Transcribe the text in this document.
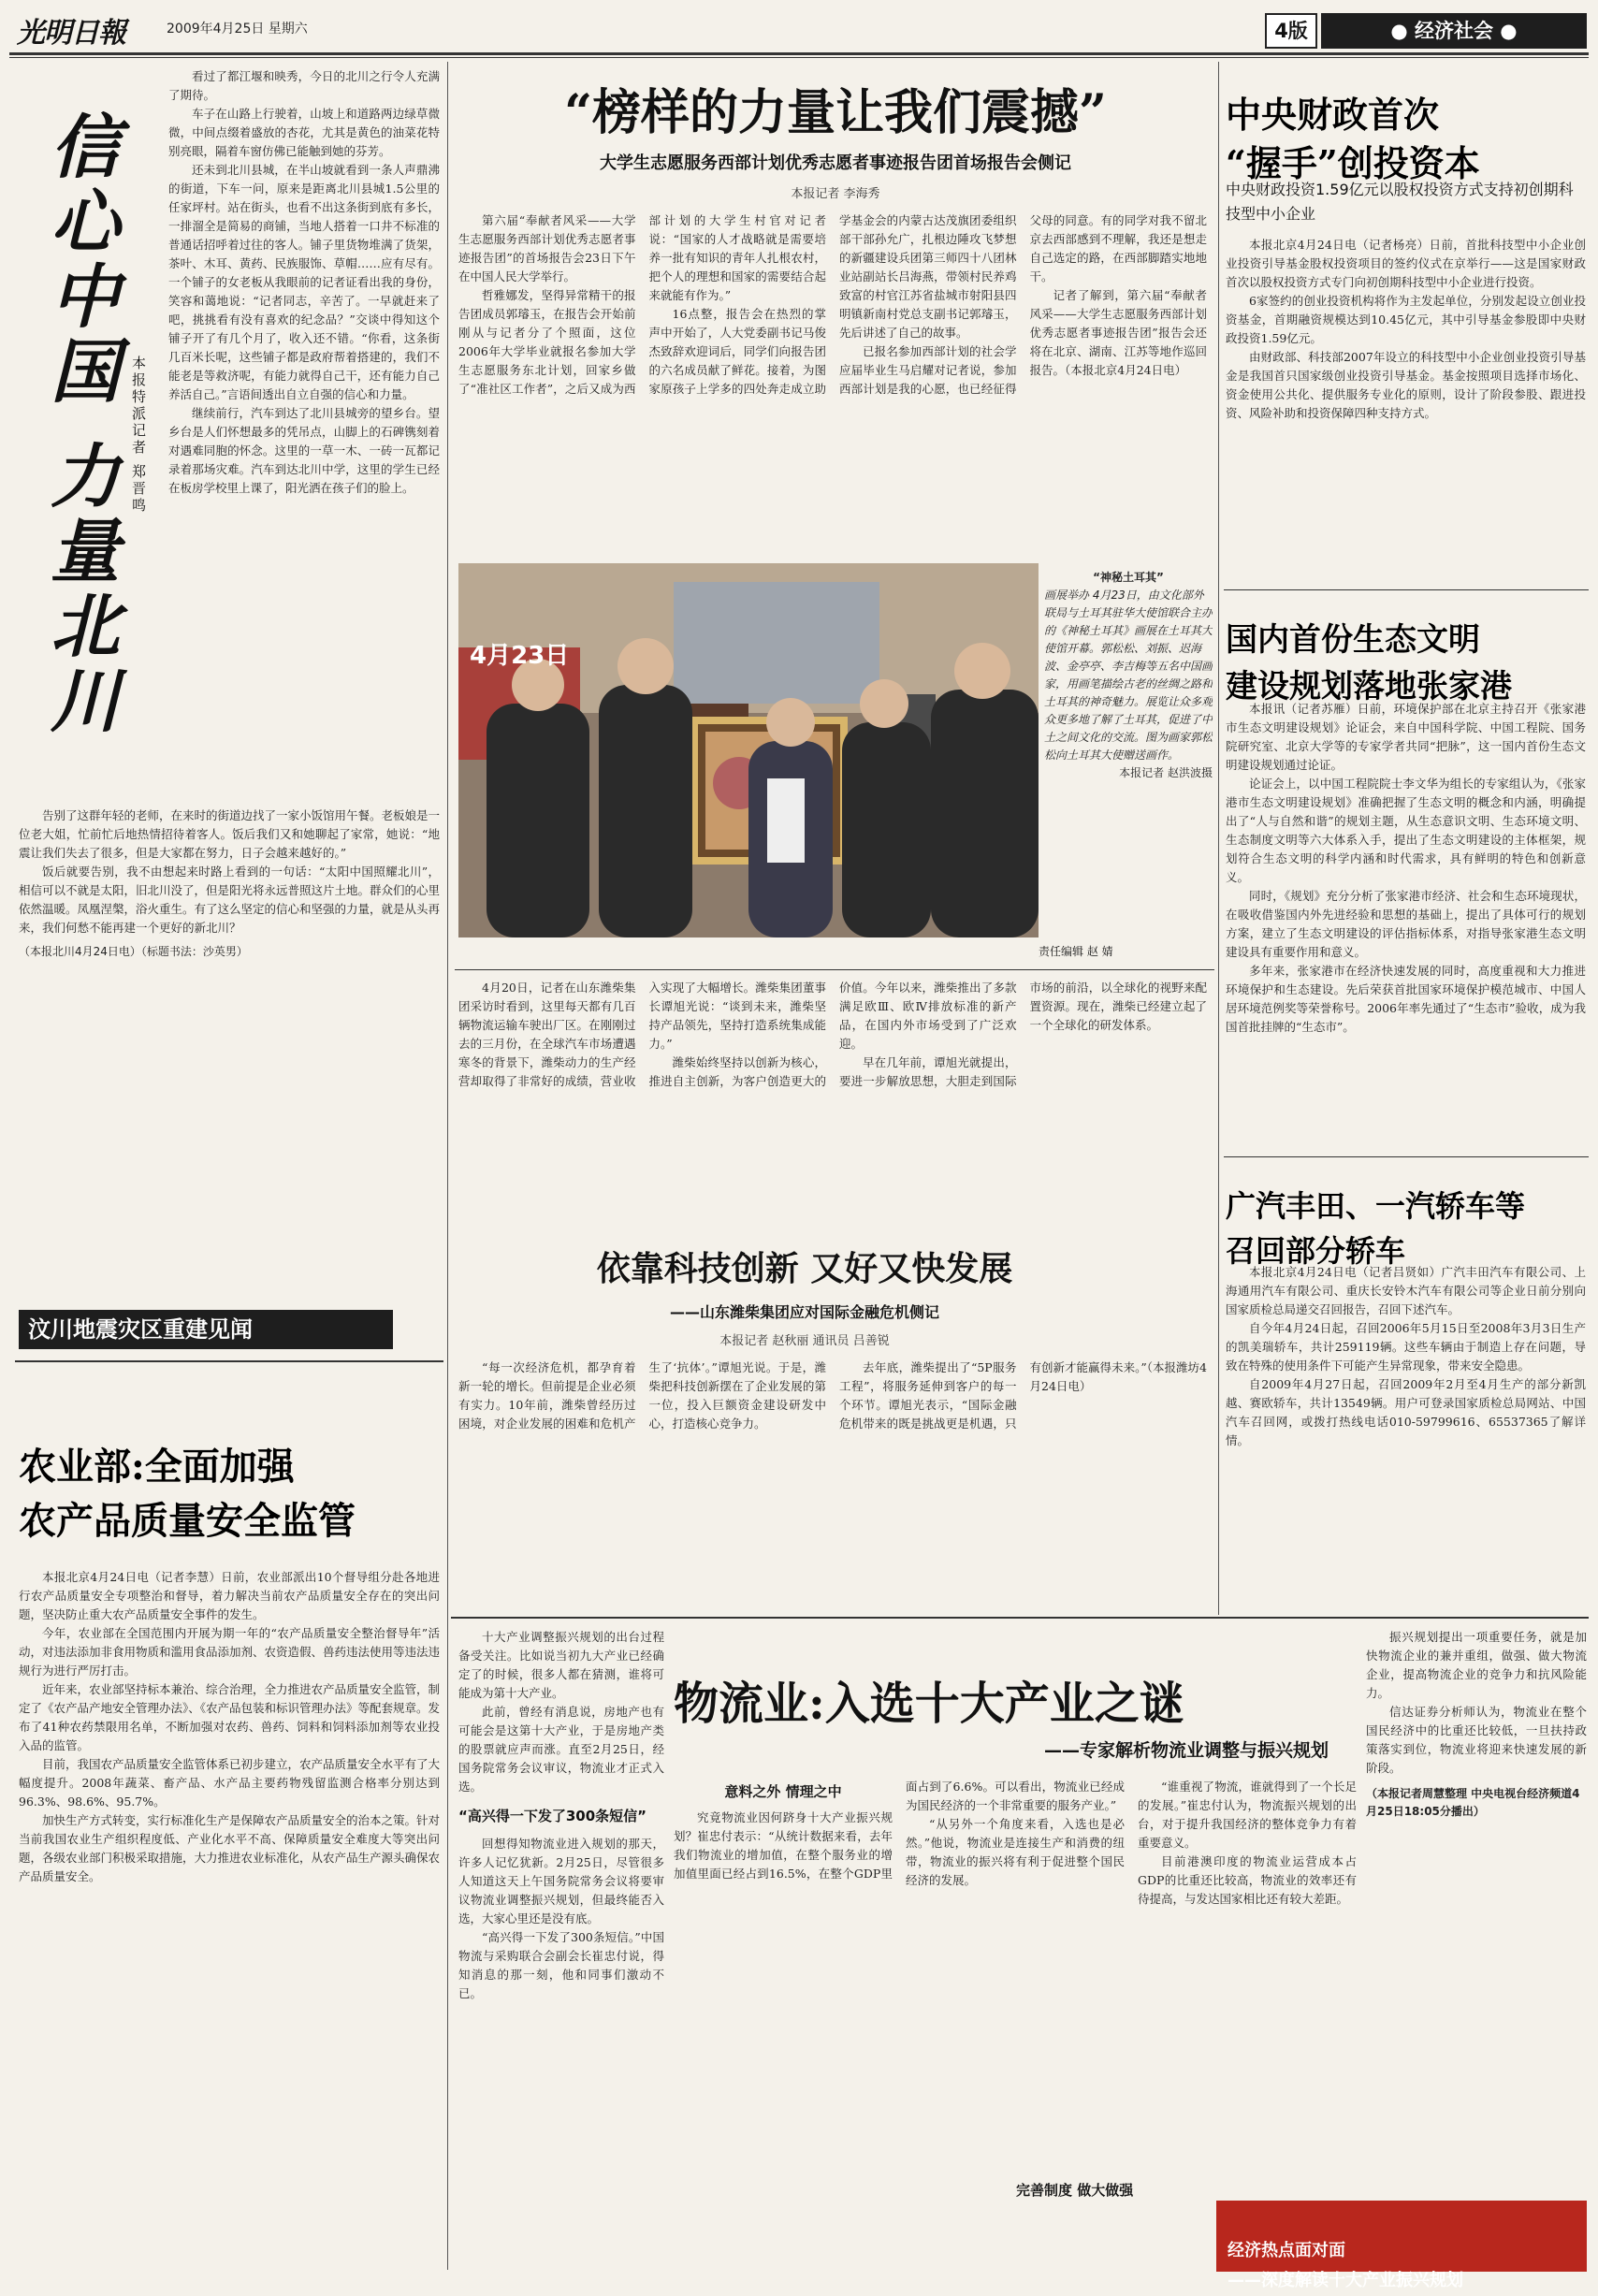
光明日報	2009年4月25日 星期六	4版	● 经济社会 ●
信心中国 力量北川 本报特派记者 郑晋鸣

看过了都江堰和映秀，今日的北川之行令人充满了期待。

车子在山路上行驶着，山坡上和道路两边绿草微微，中间点缀着盛放的杏花，尤其是黄色的油菜花特别亮眼，隔着车窗仿佛已能触到她的芬芳。

还未到北川县城，在半山坡就看到一条人声鼎沸的街道，下车一问，原来是距离北川县城1.5公里的任家坪村。站在街头，也看不出这条街到底有多长，一排溜全是简易的商铺，当地人搭着一口井不标准的普通话招呼着过往的客人。铺子里货物堆满了货架，茶叶、木耳、黄药、民族服饰、草帽……应有尽有。一个铺子的女老板从我眼前的记者证看出我的身份，笑容和蔼地说：“记者同志，辛苦了。一早就赶来了吧，挑挑看有没有喜欢的纪念品？”交谈中得知这个铺子开了有几个月了，收入还不错。“你看，这条街几百米长呢，这些铺子都是政府帮着搭建的，我们不能老是等救济呢，有能力就得自己干，还有能力自己养活自己。”言语间透出自立自强的信心和力量。

继续前行，汽车到达了北川县城旁的望乡台。望乡台是人们怀想最多的凭吊点，山脚上的石碑镌刻着对遇难同胞的怀念。这里的一草一木、一砖一瓦都记录着那场灾难。汽车到达北川中学，这里的学生已经在板房学校里上课了，阳光洒在孩子们的脸上。

告别了这群年轻的老师，在来时的街道边找了一家小饭馆用午餐。老板娘是一位老大姐，忙前忙后地热情招待着客人。饭后我们又和她聊起了家常，她说：“地震让我们失去了很多，但是大家都在努力，日子会越来越好的。”

饭后就要告别，我不由想起来时路上看到的一句话：“太阳中国照耀北川”，相信可以不就是太阳，旧北川没了，但是阳光将永远普照这片土地。群众们的心里依然温暖。凤凰涅槃，浴火重生。有了这么坚定的信心和坚强的力量，就是从头再来，我们何愁不能再建一个更好的新北川？

（本报北川4月24日电）（标题书法：沙英男）

汶川地震灾区重建见闻

农业部:全面加强
农产品质量安全监管

本报北京4月24日电（记者李慧）日前，农业部派出10个督导组分赴各地进行农产品质量安全专项整治和督导，着力解决当前农产品质量安全存在的突出问题，坚决防止重大农产品质量安全事件的发生。

今年，农业部在全国范围内开展为期一年的“农产品质量安全整治督导年”活动，对违法添加非食用物质和滥用食品添加剂、农资造假、兽药违法使用等违法违规行为进行严厉打击。

近年来，农业部坚持标本兼治、综合治理，全力推进农产品质量安全监管，制定了《农产品产地安全管理办法》、《农产品包装和标识管理办法》等配套规章。发布了41种农药禁限用名单，不断加强对农药、兽药、饲料和饲料添加剂等农业投入品的监管。

目前，我国农产品质量安全监管体系已初步建立，农产品质量安全水平有了大幅度提升。2008年蔬菜、畜产品、水产品主要药物残留监测合格率分别达到96.3%、98.6%、95.7%。

加快生产方式转变，实行标准化生产是保障农产品质量安全的治本之策。针对当前我国农业生产组织程度低、产业化水平不高、保障质量安全难度大等突出问题，各级农业部门积极采取措施，大力推进农业标准化，从农产品生产源头确保农产品质量安全。

“榜样的力量让我们震撼”
大学生志愿服务西部计划优秀志愿者事迹报告团首场报告会侧记
本报记者 李海秀

第六届“奉献者风采——大学生志愿服务西部计划优秀志愿者事迹报告团”的首场报告会23日下午在中国人民大学举行。

哲雅娜发，坚得异常精干的报告团成员郭璿玉，在报告会开始前刚从与记者分了个照面，这位2006年大学毕业就报名参加大学生志愿服务东北计划，回家乡做了“准社区工作者”，之后又成为西部计划的大学生村官对记者说：“国家的人才战略就是需要培养一批有知识的青年人扎根农村，把个人的理想和国家的需要结合起来就能有作为。”

16点整，报告会在热烈的掌声中开始了，人大党委副书记马俊杰致辞欢迎词后，同学们向报告团的六名成员献了鲜花。接着，为图家原孩子上学多的四处奔走成立助学基金会的内蒙古达茂旗团委组织部干部孙允广，扎根边陲攻飞梦想的新疆建设兵团第三师四十八团林业站副站长吕海燕，带领村民养鸡致富的村官江苏省盐城市射阳县四明镇新南村党总支副书记郭璿玉，先后讲述了自己的故事。

已报名参加西部计划的社会学应届毕业生马启耀对记者说，参加西部计划是我的心愿，也已经征得父母的同意。有的同学对我不留北京去西部感到不理解，我还是想走自己选定的路，在西部脚踏实地地干。

记者了解到，第六届“奉献者风采——大学生志愿服务西部计划优秀志愿者事迹报告团”报告会还将在北京、湖南、江苏等地作巡回报告。（本报北京4月24日电）

4月23日

“神秘土耳其”

画展举办 4月23日，由文化部外联局与土耳其驻华大使馆联合主办的《神秘土耳其》画展在土耳其大使馆开幕。郭松松、刘振、迟海波、金亭亭、李吉梅等五名中国画家，用画笔描绘古老的丝绸之路和土耳其的神奇魅力。展览让众多观众更多地了解了土耳其，促进了中土之间文化的交流。图为画家郭松松向土耳其大使赠送画作。

本报记者 赵洪波摄

责任编辑 赵 婧

4月20日，记者在山东潍柴集团采访时看到，这里每天都有几百辆物流运输车驶出厂区。在刚刚过去的三月份，在全球汽车市场遭遇寒冬的背景下，潍柴动力的生产经营却取得了非常好的成绩，营业收入实现了大幅增长。潍柴集团董事长谭旭光说：“谈到未来，潍柴坚持产品领先，坚持打造系统集成能力。”

潍柴始终坚持以创新为核心，推进自主创新，为客户创造更大的价值。今年以来，潍柴推出了多款满足欧Ⅲ、欧Ⅳ排放标准的新产品，在国内外市场受到了广泛欢迎。

早在几年前，谭旭光就提出，要进一步解放思想，大胆走到国际市场的前沿，以全球化的视野来配置资源。现在，潍柴已经建立起了一个全球化的研发体系。

依靠科技创新 又好又快发展
——山东潍柴集团应对国际金融危机侧记
本报记者 赵秋丽 通讯员 吕善锐

“每一次经济危机，都孕育着新一轮的增长。但前提是企业必须有实力。10年前，潍柴曾经历过困境，对企业发展的困难和危机产生了‘抗体’。”谭旭光说。于是，潍柴把科技创新摆在了企业发展的第一位，投入巨额资金建设研发中心，打造核心竞争力。

去年底，潍柴提出了“5P服务工程”，将服务延伸到客户的每一个环节。谭旭光表示，“国际金融危机带来的既是挑战更是机遇，只有创新才能赢得未来。”（本报潍坊4月24日电）

中央财政首次
“握手”创投资本

中央财政投资1.59亿元以股权投资方式支持初创期科技型中小企业

本报北京4月24日电（记者杨亮）日前，首批科技型中小企业创业投资引导基金股权投资项目的签约仪式在京举行——这是国家财政首次以股权投资方式专门向初创期科技型中小企业进行投资。

6家签约的创业投资机构将作为主发起单位，分别发起设立创业投资基金，首期融资规模达到10.45亿元，其中引导基金参股即中央财政投资1.59亿元。

由财政部、科技部2007年设立的科技型中小企业创业投资引导基金是我国首只国家级创业投资引导基金。基金按照项目选择市场化、资金使用公共化、提供服务专业化的原则，设计了阶段参股、跟进投资、风险补助和投资保障四种支持方式。

国内首份生态文明
建设规划落地张家港

本报讯（记者苏雁）日前，环境保护部在北京主持召开《张家港市生态文明建设规划》论证会，来自中国科学院、中国工程院、国务院研究室、北京大学等的专家学者共同“把脉”，这一国内首份生态文明建设规划通过论证。

论证会上，以中国工程院院士李文华为组长的专家组认为，《张家港市生态文明建设规划》准确把握了生态文明的概念和内涵，明确提出了“人与自然和谐”的规划主题，从生态意识文明、生态环境文明、生态制度文明等六大体系入手，提出了生态文明建设的主体框架，规划符合生态文明的科学内涵和时代需求，具有鲜明的特色和创新意义。

同时，《规划》充分分析了张家港市经济、社会和生态环境现状，在吸收借鉴国内外先进经验和思想的基础上，提出了具体可行的规划方案，建立了生态文明建设的评估指标体系，对指导张家港生态文明建设具有重要作用和意义。

多年来，张家港市在经济快速发展的同时，高度重视和大力推进环境保护和生态建设。先后荣获首批国家环境保护模范城市、中国人居环境范例奖等荣誉称号。2006年率先通过了“生态市”验收，成为我国首批挂牌的“生态市”。

广汽丰田、一汽轿车等
召回部分轿车

本报北京4月24日电（记者吕贤如）广汽丰田汽车有限公司、上海通用汽车有限公司、重庆长安铃木汽车有限公司等企业日前分别向国家质检总局递交召回报告，召回下述汽车。

自今年4月24日起，召回2006年5月15日至2008年3月3日生产的凯美瑞轿车，共计259119辆。这些车辆由于制造上存在问题，导致在特殊的使用条件下可能产生异常现象，带来安全隐患。

自2009年4月27日起，召回2009年2月至4月生产的部分新凯越、赛欧轿车，共计13549辆。用户可登录国家质检总局网站、中国汽车召回网，或拨打热线电话010-59799616、65537365了解详情。

十大产业调整振兴规划的出台过程备受关注。比如说当初九大产业已经确定了的时候，很多人都在猜测，谁将可能成为第十大产业。

此前，曾经有消息说，房地产也有可能会是这第十大产业，于是房地产类的股票就应声而涨。直至2月25日，经国务院常务会议审议，物流业才正式入选。

“高兴得一下发了300条短信”

回想得知物流业进入规划的那天，许多人记忆犹新。2月25日，尽管很多人知道这天上午国务院常务会议将要审议物流业调整振兴规划，但最终能否入选，大家心里还是没有底。

“高兴得一下发了300条短信。”中国物流与采购联合会副会长崔忠付说，得知消息的那一刻，他和同事们激动不已。

物流业:入选十大产业之谜
——专家解析物流业调整与振兴规划

意料之外 情理之中

究竟物流业因何跻身十大产业振兴规划？崔忠付表示：“从统计数据来看，去年我们物流业的增加值，在整个服务业的增加值里面已经占到16.5%，在整个GDP里面占到了6.6%。可以看出，物流业已经成为国民经济的一个非常重要的服务产业。”

“从另外一个角度来看，入选也是必然。”他说，物流业是连接生产和消费的纽带，物流业的振兴将有利于促进整个国民经济的发展。

“谁重视了物流，谁就得到了一个长足的发展。”崔忠付认为，物流振兴规划的出台，对于提升我国经济的整体竞争力有着重要意义。

目前港澳印度的物流业运营成本占GDP的比重还比较高，物流业的效率还有待提高，与发达国家相比还有较大差距。

完善制度 做大做强

振兴规划提出一项重要任务，就是加快物流企业的兼并重组，做强、做大物流企业，提高物流企业的竞争力和抗风险能力。

信达证券分析师认为，物流业在整个国民经济中的比重还比较低，一旦扶持政策落实到位，物流业将迎来快速发展的新阶段。

（本报记者周慧整理 中央电视台经济频道4月25日18:05分播出）

经济热点面对面
——深度解读十大产业振兴规划
